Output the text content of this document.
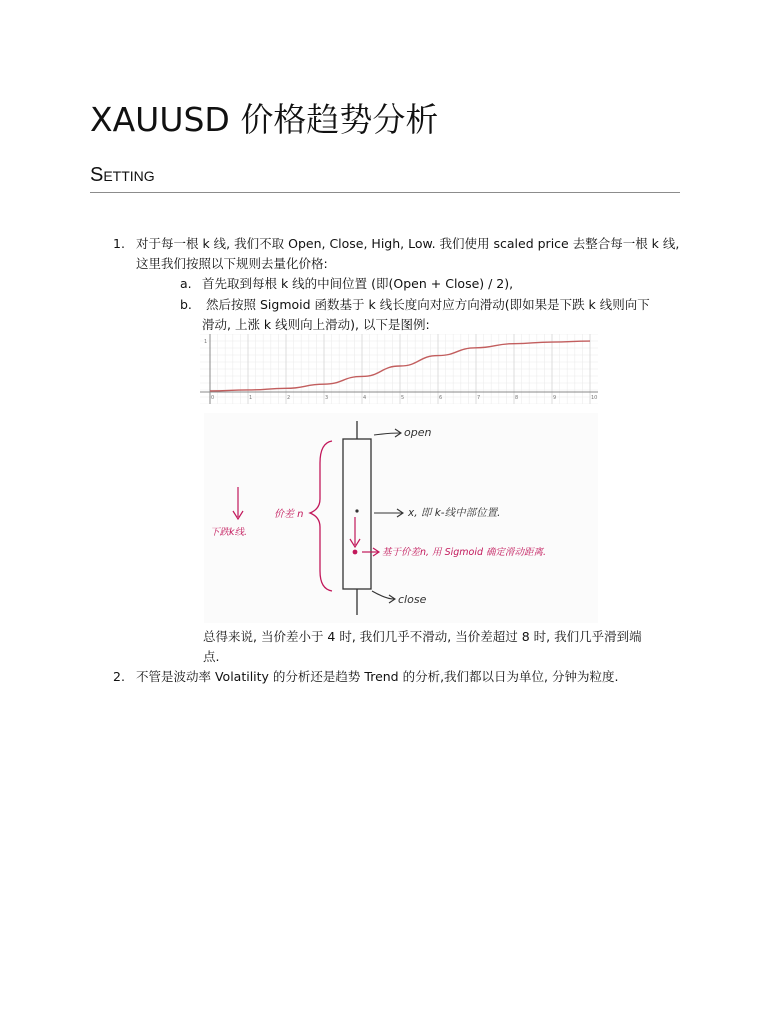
XAUUSD 价格趋势分析
Setting
1. 对于每一根 k 线, 我们不取 Open, Close, High, Low. 我们使用 scaled price 去整合每一根 k 线,
这里我们按照以下规则去量化价格:
a. 首先取到每根 k 线的中间位置 (即(Open + Close) / 2),
b. 然后按照 Sigmoid 函数基于 k 线长度向对应方向滑动(即如果是下跌 k 线则向下
滑动, 上涨 k 线则向上滑动), 以下是图例:
0	1	2	3	4	5	6	7	8	9	10
1
open
x, 即 k-线中部位置.
close
价差 n
下跌k线.
基于价差n, 用 Sigmoid 确定滑动距离.
总得来说, 当价差小于 4 时, 我们几乎不滑动, 当价差超过 8 时, 我们几乎滑到端
点.
2. 不管是波动率 Volatility 的分析还是趋势 Trend 的分析,我们都以日为单位, 分钟为粒度.
